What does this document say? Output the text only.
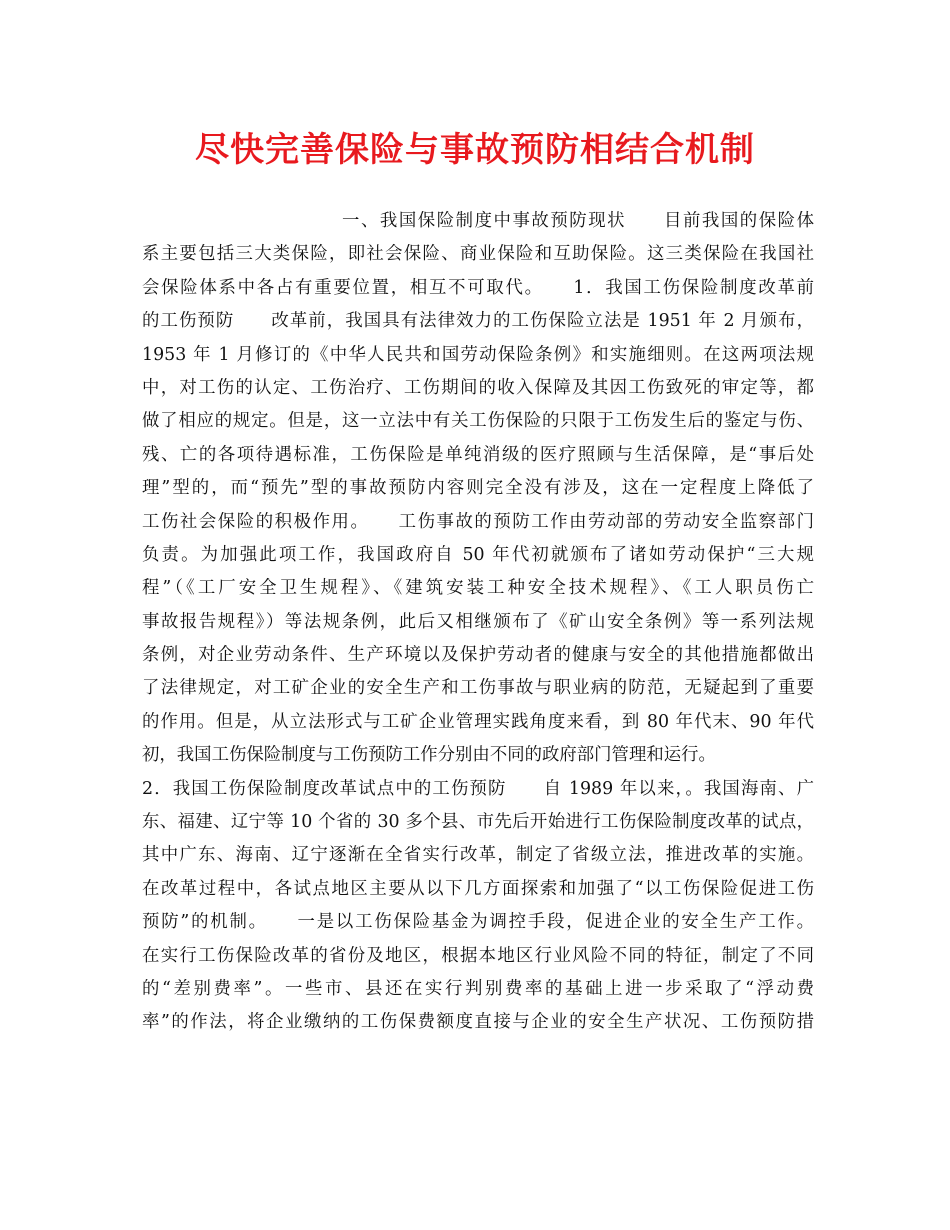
尽快完善保险与事故预防相结合机制
一、我国保险制度中事故预防现状　　目前我国的保险体
系主要包括三大类保险，即社会保险、商业保险和互助保险。这三类保险在我国社
会保险体系中各占有重要位置，相互不可取代。　　1．我国工伤保险制度改革前
的工伤预防　　改革前，我国具有法律效力的工伤保险立法是 1951 年 2 月颁布，
1953 年 1 月修订的《中华人民共和国劳动保险条例》和实施细则。在这两项法规
中，对工伤的认定、工伤治疗、工伤期间的收入保障及其因工伤致死的审定等，都
做了相应的规定。但是，这一立法中有关工伤保险的只限于工伤发生后的鉴定与伤、
残、亡的各项待遇标准，工伤保险是单纯消级的医疗照顾与生活保障，是“事后处
理”型的，而“预先”型的事故预防内容则完全没有涉及，这在一定程度上降低了
工伤社会保险的积极作用。　　工伤事故的预防工作由劳动部的劳动安全监察部门
负责。为加强此项工作，我国政府自 50 年代初就颁布了诸如劳动保护“三大规
程”（《工厂安全卫生规程》、《建筑安装工种安全技术规程》、《工人职员伤亡
事故报告规程》）等法规条例，此后又相继颁布了《矿山安全条例》等一系列法规
条例，对企业劳动条件、生产环境以及保护劳动者的健康与安全的其他措施都做出
了法律规定，对工矿企业的安全生产和工伤事故与职业病的防范，无疑起到了重要
的作用。但是，从立法形式与工矿企业管理实践角度来看，到 80 年代末、90 年代
初，我国工伤保险制度与工伤预防工作分别由不同的政府部门管理和运行。
2．我国工伤保险制度改革试点中的工伤预防　　自 1989 年以来，。我国海南、广
东、福建、辽宁等 10 个省的 30 多个县、市先后开始进行工伤保险制度改革的试点，
其中广东、海南、辽宁逐渐在全省实行改革，制定了省级立法，推进改革的实施。
在改革过程中，各试点地区主要从以下几方面探索和加强了“以工伤保险促进工伤
预防”的机制。　　一是以工伤保险基金为调控手段，促进企业的安全生产工作。
在实行工伤保险改革的省份及地区，根据本地区行业风险不同的特征，制定了不同
的“差别费率”。一些市、县还在实行判别费率的基础上进一步采取了“浮动费
率”的作法，将企业缴纳的工伤保费额度直接与企业的安全生产状况、工伤预防措
